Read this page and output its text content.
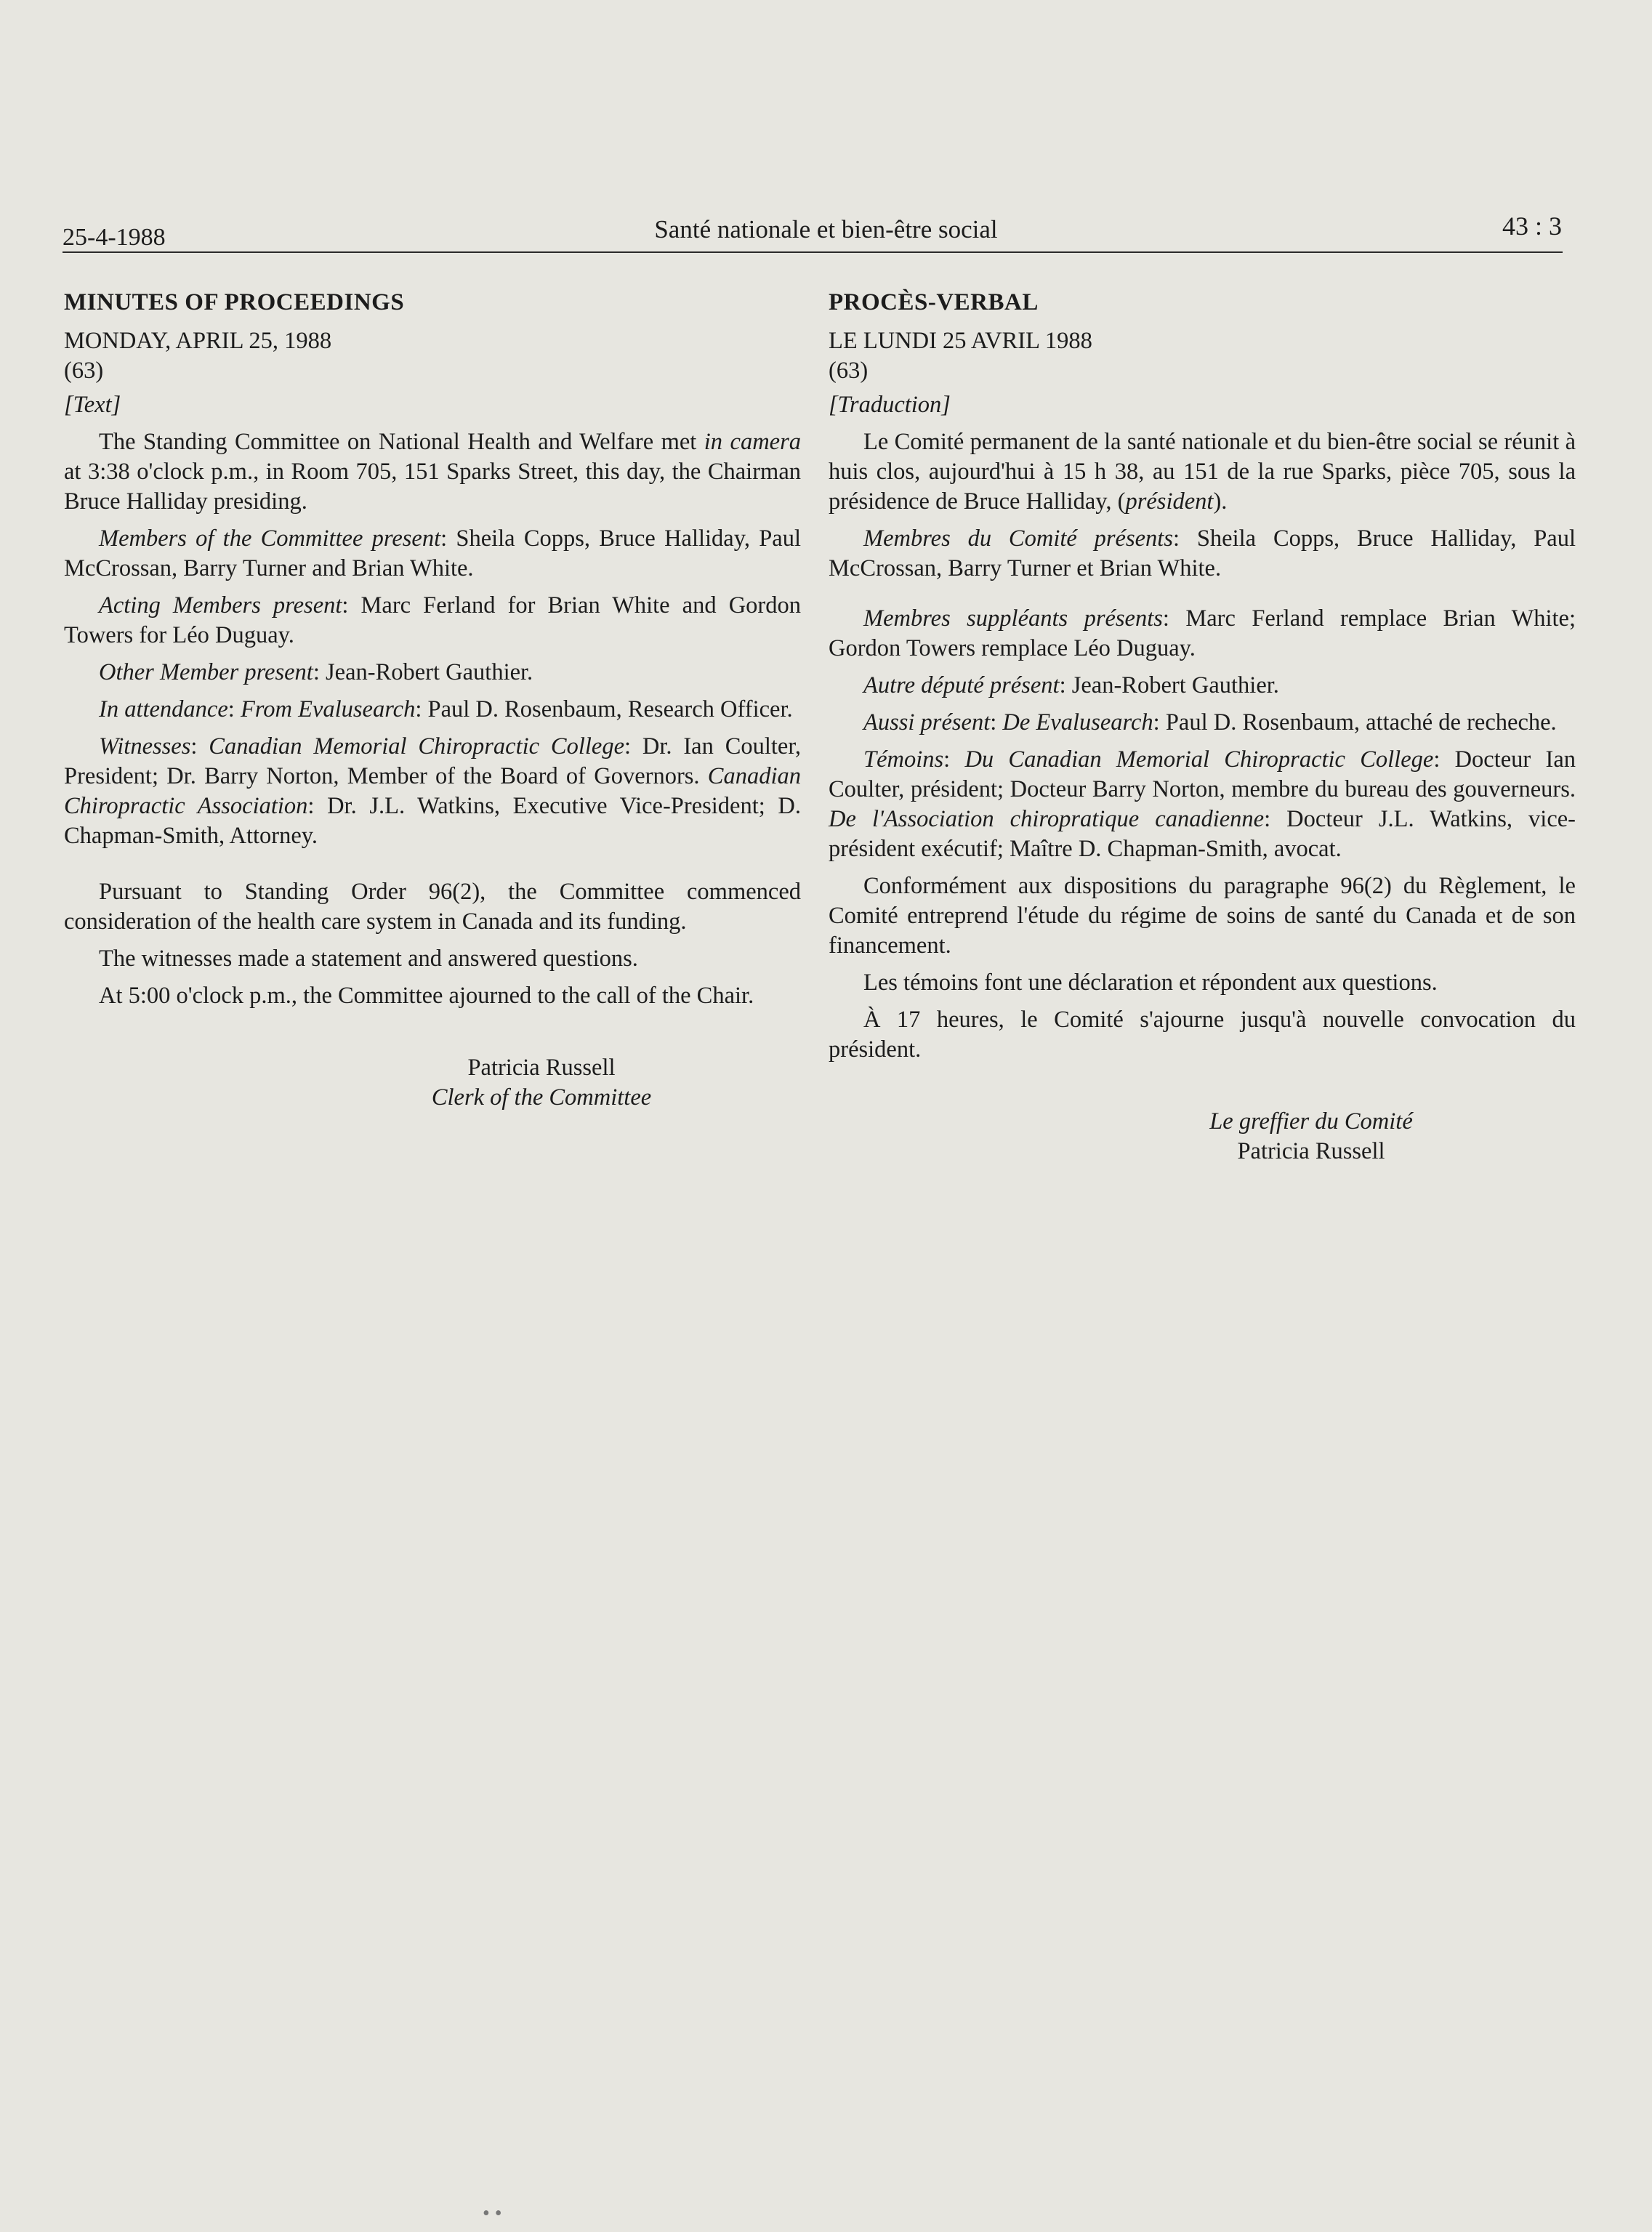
25-4-1988	Santé nationale et bien-être social	43 : 3

MINUTES OF PROCEEDINGS

MONDAY, APRIL 25, 1988

(63)

[Text]

The Standing Committee on National Health and Welfare met in camera at 3:38 o'clock p.m., in Room 705, 151 Sparks Street, this day, the Chairman Bruce Halliday presiding.

Members of the Committee present: Sheila Copps, Bruce Halliday, Paul McCrossan, Barry Turner and Brian White.

Acting Members present: Marc Ferland for Brian White and Gordon Towers for Léo Duguay.

Other Member present: Jean-Robert Gauthier.

In attendance: From Evalusearch: Paul D. Rosenbaum, Research Officer.

Witnesses: Canadian Memorial Chiropractic College: Dr. Ian Coulter, President; Dr. Barry Norton, Member of the Board of Governors. Canadian Chiropractic Association: Dr. J.L. Watkins, Executive Vice-President; D. Chapman-Smith, Attorney.

Pursuant to Standing Order 96(2), the Committee commenced consideration of the health care system in Canada and its funding.

The witnesses made a statement and answered questions.

At 5:00 o'clock p.m., the Committee ajourned to the call of the Chair.

Patricia Russell

Clerk of the Committee

PROCÈS-VERBAL

LE LUNDI 25 AVRIL 1988

(63)

[Traduction]

Le Comité permanent de la santé nationale et du bien-être social se réunit à huis clos, aujourd'hui à 15 h 38, au 151 de la rue Sparks, pièce 705, sous la présidence de Bruce Halliday, (président).

Membres du Comité présents: Sheila Copps, Bruce Halliday, Paul McCrossan, Barry Turner et Brian White.

Membres suppléants présents: Marc Ferland remplace Brian White; Gordon Towers remplace Léo Duguay.

Autre député présent: Jean-Robert Gauthier.

Aussi présent: De Evalusearch: Paul D. Rosenbaum, attaché de recheche.

Témoins: Du Canadian Memorial Chiropractic College: Docteur Ian Coulter, président; Docteur Barry Norton, membre du bureau des gouverneurs. De l'Association chiropratique canadienne: Docteur J.L. Watkins, vice-président exécutif; Maître D. Chapman-Smith, avocat.

Conformément aux dispositions du paragraphe 96(2) du Règlement, le Comité entreprend l'étude du régime de soins de santé du Canada et de son financement.

Les témoins font une déclaration et répondent aux questions.

À 17 heures, le Comité s'ajourne jusqu'à nouvelle convocation du président.

Le greffier du Comité

Patricia Russell

• •
